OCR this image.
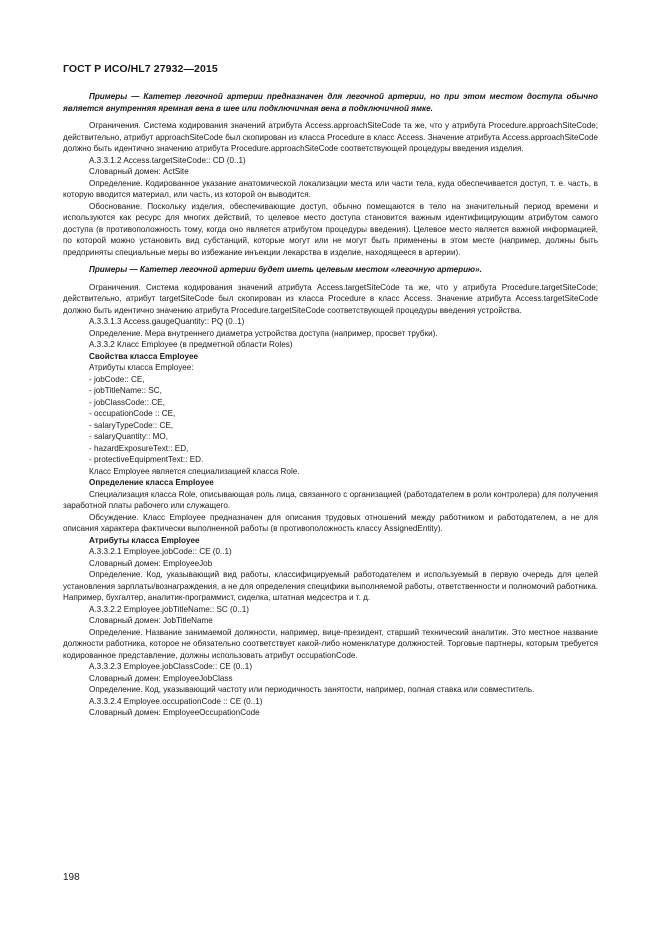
ГОСТ Р ИСО/HL7 27932—2015

Примеры — Катетер легочной артерии предназначен для легочной артерии, но при этом местом доступа обычно является внутренняя яремная вена в шее или подключичная вена в подключичной ямке.

Ограничения. Система кодирования значений атрибута Access.approachSiteCode та же, что у атрибута Procedure.approachSiteCode; действительно, атрибут approachSiteCode был скопирован из класса Procedure в класс Access. Значение атрибута Access.approachSiteCode должно быть идентично значению атрибута Procedure.approachSiteCode соответствующей процедуры введения изделия.

A.3.3.1.2 Access.targetSiteCode:: CD (0..1)

Словарный домен: ActSite

Определение. Кодированное указание анатомической локализации места или части тела, куда обеспечивается доступ, т. е. часть, в которую вводится материал, или часть, из которой он выводится.

Обоснование. Поскольку изделия, обеспечивающие доступ, обычно помещаются в тело на значительный период времени и используются как ресурс для многих действий, то целевое место доступа становится важным идентифицирующим атрибутом самого доступа (в противоположность тому, когда оно является атрибутом процедуры введения). Целевое место является важной информацией, по которой можно установить вид субстанций, которые могут или не могут быть применены в этом месте (например, должны быть предприняты специальные меры во избежание инъекции лекарства в изделие, находящееся в артерии).

Примеры — Катетер легочной артерии будет иметь целевым местом «легочную артерию».

Ограничения. Система кодирования значений атрибута Access.targetSiteCode та же, что у атрибута Procedure.targetSiteCode; действительно, атрибут targetSiteCode был скопирован из класса Procedure в класс Access. Значение атрибута Access.targetSiteCode должно быть идентично значению атрибута Procedure.targetSiteCode соответствующей процедуры введения устройства.

A.3.3.1.3 Access.gaugeQuantity:: PQ (0..1)

Определение. Мера внутреннего диаметра устройства доступа (например, просвет трубки).

A.3.3.2 Класс Employee (в предметной области Roles)

Свойства класса Employee

Атрибуты класса Employee:

- jobCode:: CE,

- jobTitleName:: SC,

- jobClassCode:: CE,

- occupationCode :: CE,

- salaryTypeCode:: CE,

- salaryQuantity:: MO,

- hazardExposureText:: ED,

- protectiveEquipmentText:: ED.

Класс Employee является специализацией класса Role.

Определение класса Employee

Специализация класса Role, описывающая роль лица, связанного с организацией (работодателем в роли контролера) для получения заработной платы рабочего или служащего.

Обсуждение. Класс Employee предназначен для описания трудовых отношений между работником и работодателем, а не для описания характера фактически выполненной работы (в противоположность классу AssignedEntity).

Атрибуты класса Employee

A.3.3.2.1 Employee.jobCode:: CE (0..1)

Словарный домен: EmployeeJob

Определение. Код, указывающий вид работы, классифицируемый работодателем и используемый в первую очередь для целей установления зарплаты/вознаграждения, а не для определения специфики выполняемой работы, ответственности и полномочий работника. Например, бухгалтер, аналитик-программист, сиделка, штатная медсестра и т. д.

A.3.3.2.2 Employee.jobTitleName:: SC (0..1)

Словарный домен: JobTitleName

Определение. Название занимаемой должности, например, вице-президент, старший технический аналитик. Это местное название должности работника, которое не обязательно соответствует какой-либо номенклатуре должностей. Торговые партнеры, которым требуется кодированное представление, должны использовать атрибут occupationCode.

A.3.3.2.3 Employee.jobClassCode:: CE (0..1)

Словарный домен: EmployeeJobClass

Определение. Код, указывающий частоту или периодичность занятости, например, полная ставка или совместитель.

A.3.3.2.4 Employee.occupationCode :: CE (0..1)

Словарный домен: EmployeeOccupationCode

198
